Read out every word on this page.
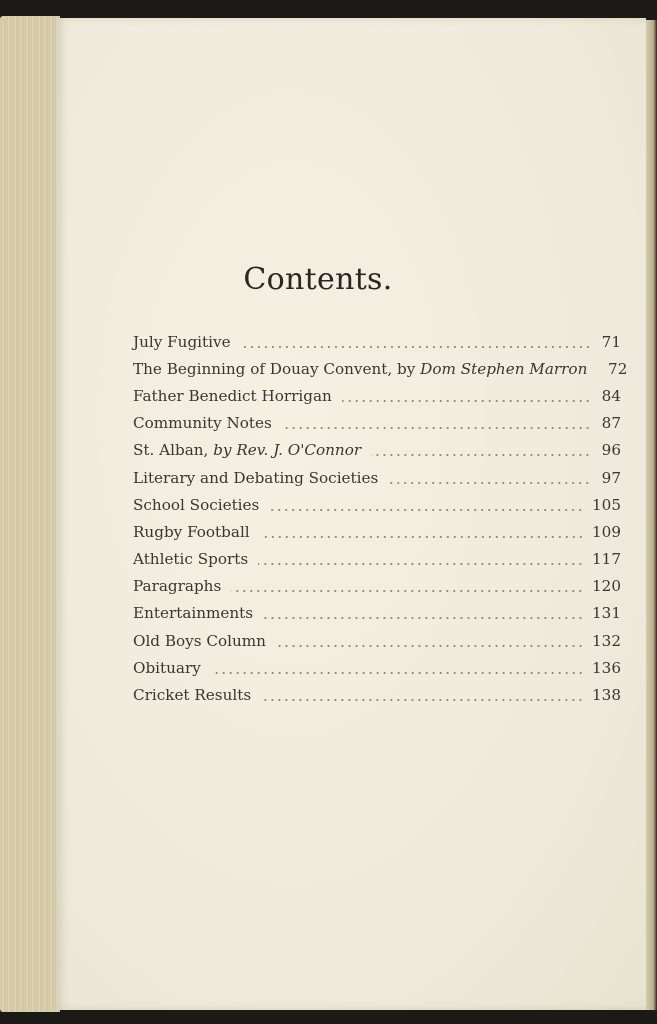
Contents.
July Fugitive	71
The Beginning of Douay Convent, by Dom Stephen Marron 72
Father Benedict Horrigan	84
Community Notes	87
St. Alban, by Rev. J. O'Connor	96
Literary and Debating Societies	97
School Societies	105
Rugby Football	109
Athletic Sports	117
Paragraphs	120
Entertainments	131
Old Boys Column	132
Obituary	136
Cricket Results	138
